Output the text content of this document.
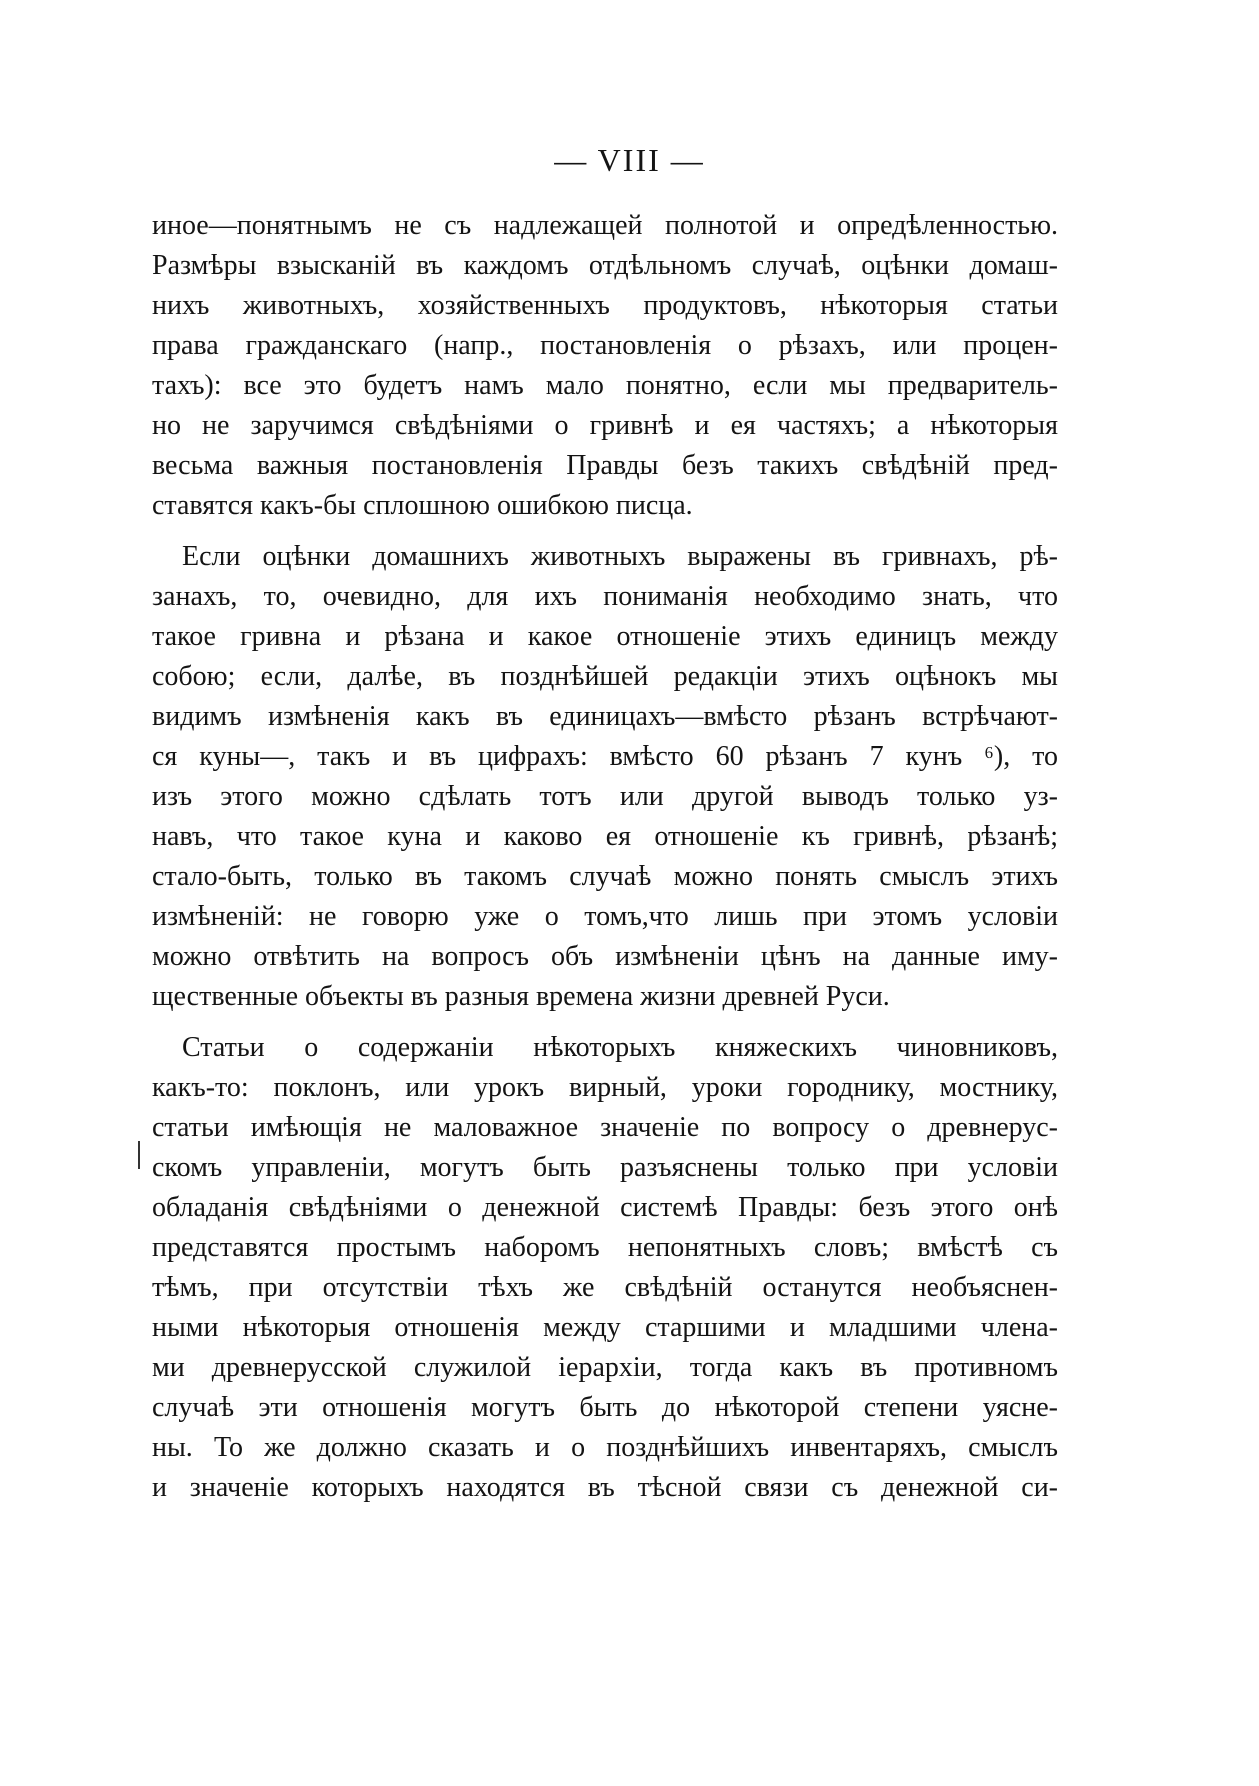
— VIII —
иное—понятнымъ не съ надлежащей полнотой и опредѣленностью.
Размѣры взысканій въ каждомъ отдѣльномъ случаѣ, оцѣнки домаш-
нихъ животныхъ, хозяйственныхъ продуктовъ, нѣкоторыя статьи
права гражданскаго (напр., постановленія о рѣзахъ, или процен-
тахъ): все это будетъ намъ мало понятно, если мы предваритель-
но не заручимся свѣдѣніями о гривнѣ и ея частяхъ; а нѣкоторыя
весьма важныя постановленія Правды безъ такихъ свѣдѣній пред-
ставятся какъ-бы сплошною ошибкою писца.
Если оцѣнки домашнихъ животныхъ выражены въ гривнахъ, рѣ-
занахъ, то, очевидно, для ихъ пониманія необходимо знать, что
такое гривна и рѣзана и какое отношеніе этихъ единицъ между
собою; если, далѣе, въ позднѣйшей редакціи этихъ оцѣнокъ мы
видимъ измѣненія какъ въ единицахъ—вмѣсто рѣзанъ встрѣчают-
ся куны—, такъ и въ цифрахъ: вмѣсто 60 рѣзанъ 7 кунъ ⁶), то
изъ этого можно сдѣлать тотъ или другой выводъ только уз-
навъ, что такое куна и каково ея отношеніе къ гривнѣ, рѣзанѣ;
стало-быть, только въ такомъ случаѣ можно понять смыслъ этихъ
измѣненій: не говорю уже о томъ,что лишь при этомъ условіи
можно отвѣтить на вопросъ объ измѣненіи цѣнъ на данные иму-
щественные объекты въ разныя времена жизни древней Руси.
Статьи о содержаніи нѣкоторыхъ княжескихъ чиновниковъ,
какъ-то: поклонъ, или урокъ вирный, уроки городнику, мостнику,
статьи имѣющія не маловажное значеніе по вопросу о древнерус-
скомъ управленіи, могутъ быть разъяснены только при условіи
обладанія свѣдѣніями о денежной системѣ Правды: безъ этого онѣ
представятся простымъ наборомъ непонятныхъ словъ; вмѣстѣ съ
тѣмъ, при отсутствіи тѣхъ же свѣдѣній останутся необъяснен-
ными нѣкоторыя отношенія между старшими и младшими члена-
ми древнерусской служилой іерархіи, тогда какъ въ противномъ
случаѣ эти отношенія могутъ быть до нѣкоторой степени уясне-
ны. То же должно сказать и о позднѣйшихъ инвентаряхъ, смыслъ
и значеніе которыхъ находятся въ тѣсной связи съ денежной си-
